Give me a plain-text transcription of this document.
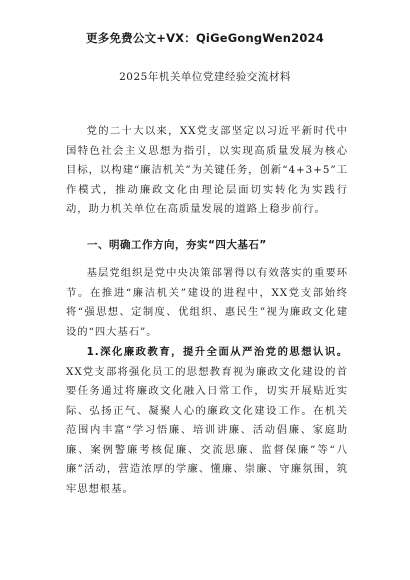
更多免费公文+VX：QiGeGongWen2024
2025年机关单位党建经验交流材料

党的二十大以来，XX党支部坚定以习近平新时代中国特色社会主义思想为指引，以实现高质量发展为核心目标，以构建“廉洁机关”为关键任务，创新“4+3+5”工作模式，推动廉政文化由理论层面切实转化为实践行动，助力机关单位在高质量发展的道路上稳步前行。

一、明确工作方向，夯实“四大基石”

基层党组织是党中央决策部署得以有效落实的重要环节。在推进“廉洁机关”建设的进程中，XX党支部始终将“强思想、定制度、优组织、惠民生”视为廉政文化建设的“四大基石”。

1.深化廉政教育，提升全面从严治党的思想认识。XX党支部将强化员工的思想教育视为廉政文化建设的首要任务通过将廉政文化融入日常工作，切实开展贴近实际、弘扬正气、凝聚人心的廉政文化建设工作。在机关范围内丰富“学习悟廉、培训讲廉、活动倡廉、家庭助廉、案例警廉考核促廉、交流思廉、监督保廉”等“八廉”活动，营造浓厚的学廉、懂廉、崇廉、守廉氛围，筑牢思想根基。
